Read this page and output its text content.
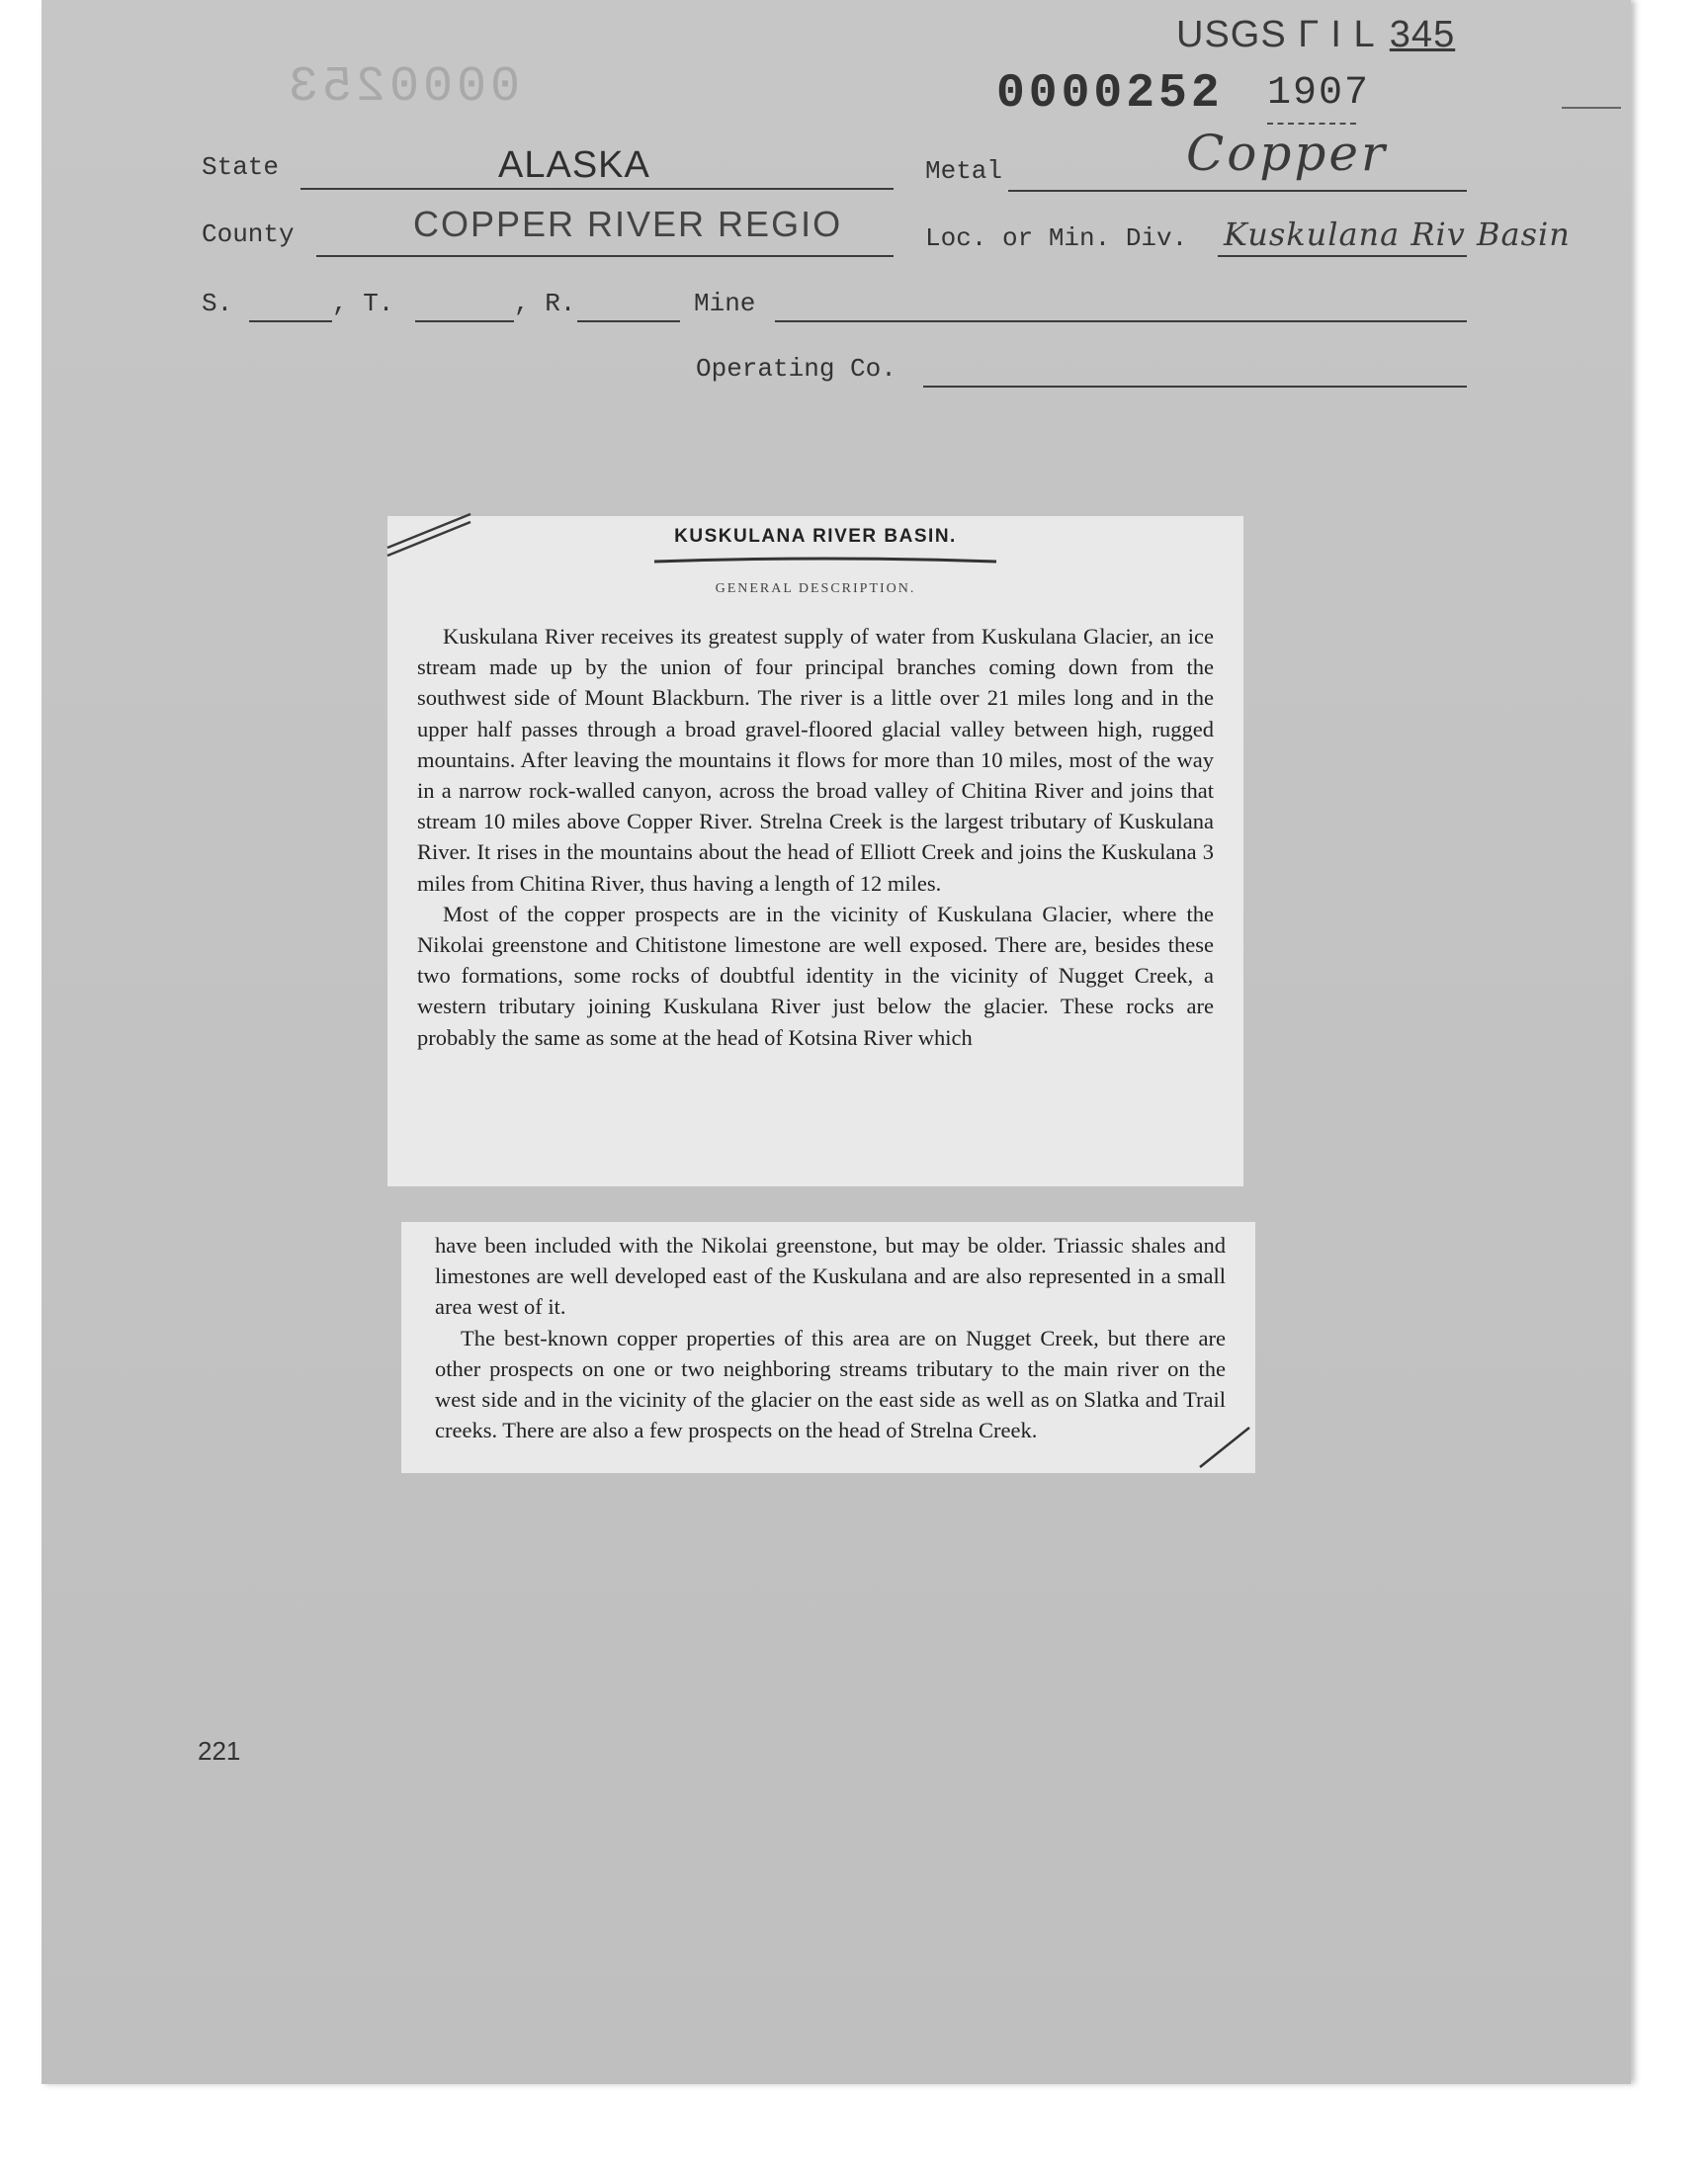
USGS Г I L 345
0000253	0000252 1907
State	ALASKA	Metal	Copper
County	COPPER RIVER REGIO	Loc. or Min. Div. Kuskulana Riv Basin
S.	, T.	, R.	Mine
Operating Co.
KUSKULANA RIVER BASIN.
GENERAL DESCRIPTION.

Kuskulana River receives its greatest supply of water from Kuskulana Glacier, an ice stream made up by the union of four principal branches coming down from the southwest side of Mount Blackburn. The river is a little over 21 miles long and in the upper half passes through a broad gravel-floored glacial valley between high, rugged mountains. After leaving the mountains it flows for more than 10 miles, most of the way in a narrow rock-walled canyon, across the broad valley of Chitina River and joins that stream 10 miles above Copper River. Strelna Creek is the largest tributary of Kuskulana River. It rises in the mountains about the head of Elliott Creek and joins the Kuskulana 3 miles from Chitina River, thus having a length of 12 miles.

Most of the copper prospects are in the vicinity of Kuskulana Glacier, where the Nikolai greenstone and Chitistone limestone are well exposed. There are, besides these two formations, some rocks of doubtful identity in the vicinity of Nugget Creek, a western tributary joining Kuskulana River just below the glacier. These rocks are probably the same as some at the head of Kotsina River which

have been included with the Nikolai greenstone, but may be older. Triassic shales and limestones are well developed east of the Kuskulana and are also represented in a small area west of it.

The best-known copper properties of this area are on Nugget Creek, but there are other prospects on one or two neighboring streams tributary to the main river on the west side and in the vicinity of the glacier on the east side as well as on Slatka and Trail creeks. There are also a few prospects on the head of Strelna Creek.

221
